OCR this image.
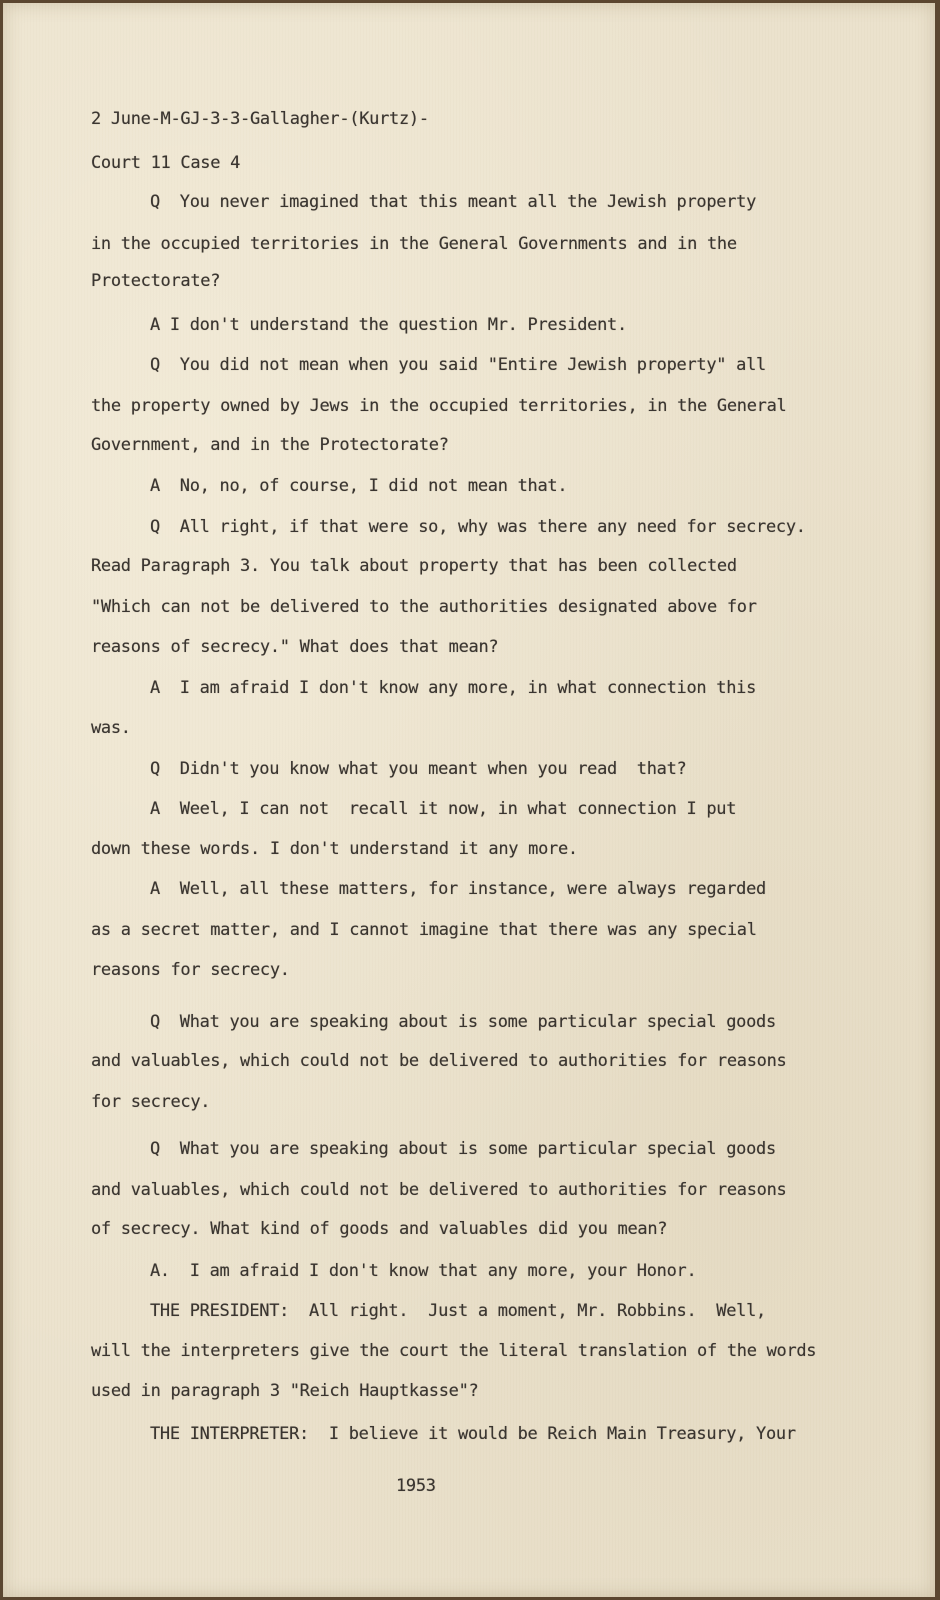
2 June-M-GJ-3-3-Gallagher-(Kurtz)-
Court 11 Case 4
Q  You never imagined that this meant all the Jewish property
in the occupied territories in the General Governments and in the
Protectorate?
A I don't understand the question Mr. President.
Q  You did not mean when you said "Entire Jewish property" all
the property owned by Jews in the occupied territories, in the General
Government, and in the Protectorate?
A  No, no, of course, I did not mean that.
Q  All right, if that were so, why was there any need for secrecy.
Read Paragraph 3. You talk about property that has been collected
"Which can not be delivered to the authorities designated above for
reasons of secrecy." What does that mean?
A  I am afraid I don't know any more, in what connection this
was.
Q  Didn't you know what you meant when you read  that?
A  Weel, I can not  recall it now, in what connection I put
down these words. I don't understand it any more.
A  Well, all these matters, for instance, were always regarded
as a secret matter, and I cannot imagine that there was any special
reasons for secrecy.
Q  What you are speaking about is some particular special goods
and valuables, which could not be delivered to authorities for reasons
for secrecy.
Q  What you are speaking about is some particular special goods
and valuables, which could not be delivered to authorities for reasons
of secrecy. What kind of goods and valuables did you mean?
A.  I am afraid I don't know that any more, your Honor.
THE PRESIDENT:  All right.  Just a moment, Mr. Robbins.  Well,
will the interpreters give the court the literal translation of the words
used in paragraph 3 "Reich Hauptkasse"?
THE INTERPRETER:  I believe it would be Reich Main Treasury, Your
1953
